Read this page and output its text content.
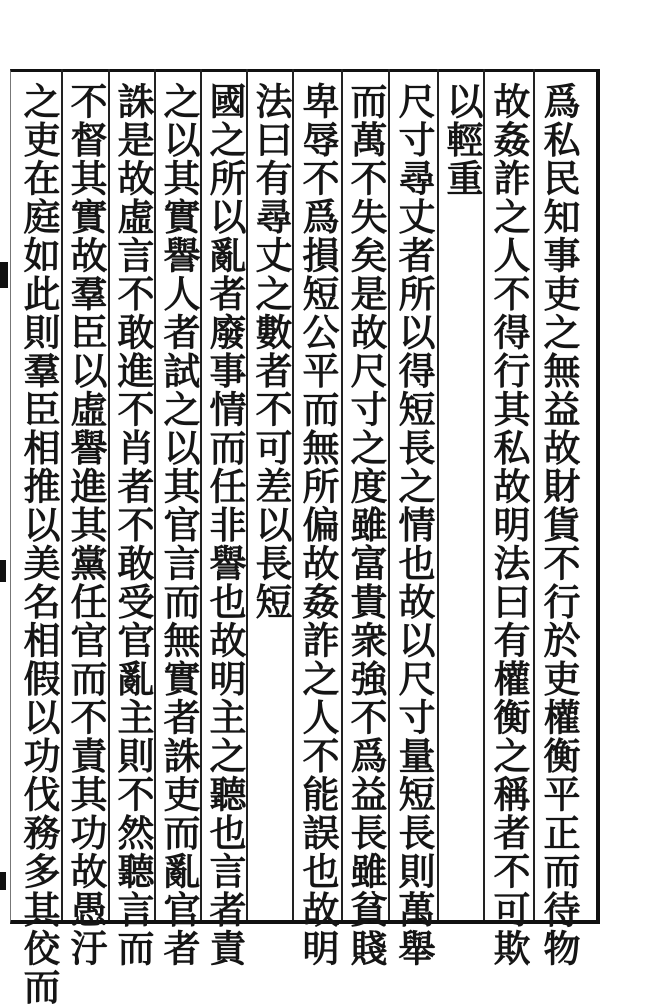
爲私民知事吏之無益故財貨不行於吏權衡平正而待物
故姦詐之人不得行其私故明法曰有權衡之稱者不可欺
以輕重
尺寸尋丈者所以得短長之情也故以尺寸量短長則萬舉
而萬不失矣是故尺寸之度雖富貴衆強不爲益長雖貧賤
卑辱不爲損短公平而無所偏故姦詐之人不能誤也故明
法曰有尋丈之數者不可差以長短
國之所以亂者廢事情而任非譽也故明主之聽也言者責
之以其實譽人者試之以其官言而無實者誅吏而亂官者
誅是故虛言不敢進不肖者不敢受官亂主則不然聽言而
不督其實故羣臣以虛譽進其黨任官而不責其功故愚汙
之吏在庭如此則羣臣相推以美名相假以功伐務多其佼而
